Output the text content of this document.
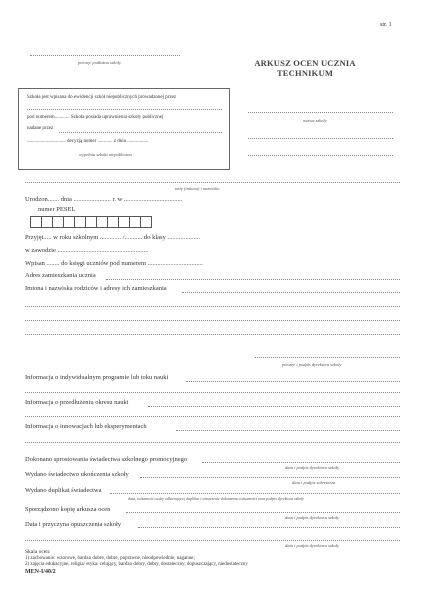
str. 1
pieczęć podłużna szkoły	ARKUSZ OCEN UCZNIA
TECHNIKUM
nazwa szkoły
Szkoła jest wpisana do ewidencji szkół niepublicznych prowadzonej przez
pod numerem............ Szkoła posiada uprawnienia szkoły publicznej
nadane przez
............................... decyzją numer ............ z dnia .................
wypełnia szkoła niepubliczna
imię (imiona) i nazwisko
Urodzon....... dnia ....................... r. w ....................................
numer PESEL
Przyjęt..... w roku szkolnym ............. /........... do klasy ....................
w zawodzie ........................................................
Wpisan ........ do księgi uczniów pod numerem ..................................
Adres zamieszkania ucznia
Imiona i nazwiska rodziców i adresy ich zamieszkania
pieczęć i podpis dyrektora szkoły
Informacja o indywidualnym programie lub toku nauki
Informacja o przedłużeniu okresu nauki
Informacja o innowacjach lub eksperymentach
Dokonano sprostowania świadectwa szkolnego promocyjnego
data i podpis dyrektora szkoły
Wydano świadectwo ukończenia szkoły
data i podpis sekretarza
Wydano duplikat świadectwa
data, tożsamość osoby odbierającej duplikat i oznaczenie dokumentu tożsamości oraz podpis dyrektora szkoły
Sporządzono kopię arkusza ocen
data i podpis dyrektora szkoły
Data i przyczyna opuszczenia szkoły
data i podpis dyrektora szkoły
Skala ocen:
1) zachowanie: wzorowe, bardzo dobre, dobre, poprawne, nieodpowiednie, naganne;
2) zajęcia edukacyjne, religia/ etyka: celujący, bardzo dobry, dobry, dostateczny, dopuszczający, niedostateczny
MEN-I/40/2
